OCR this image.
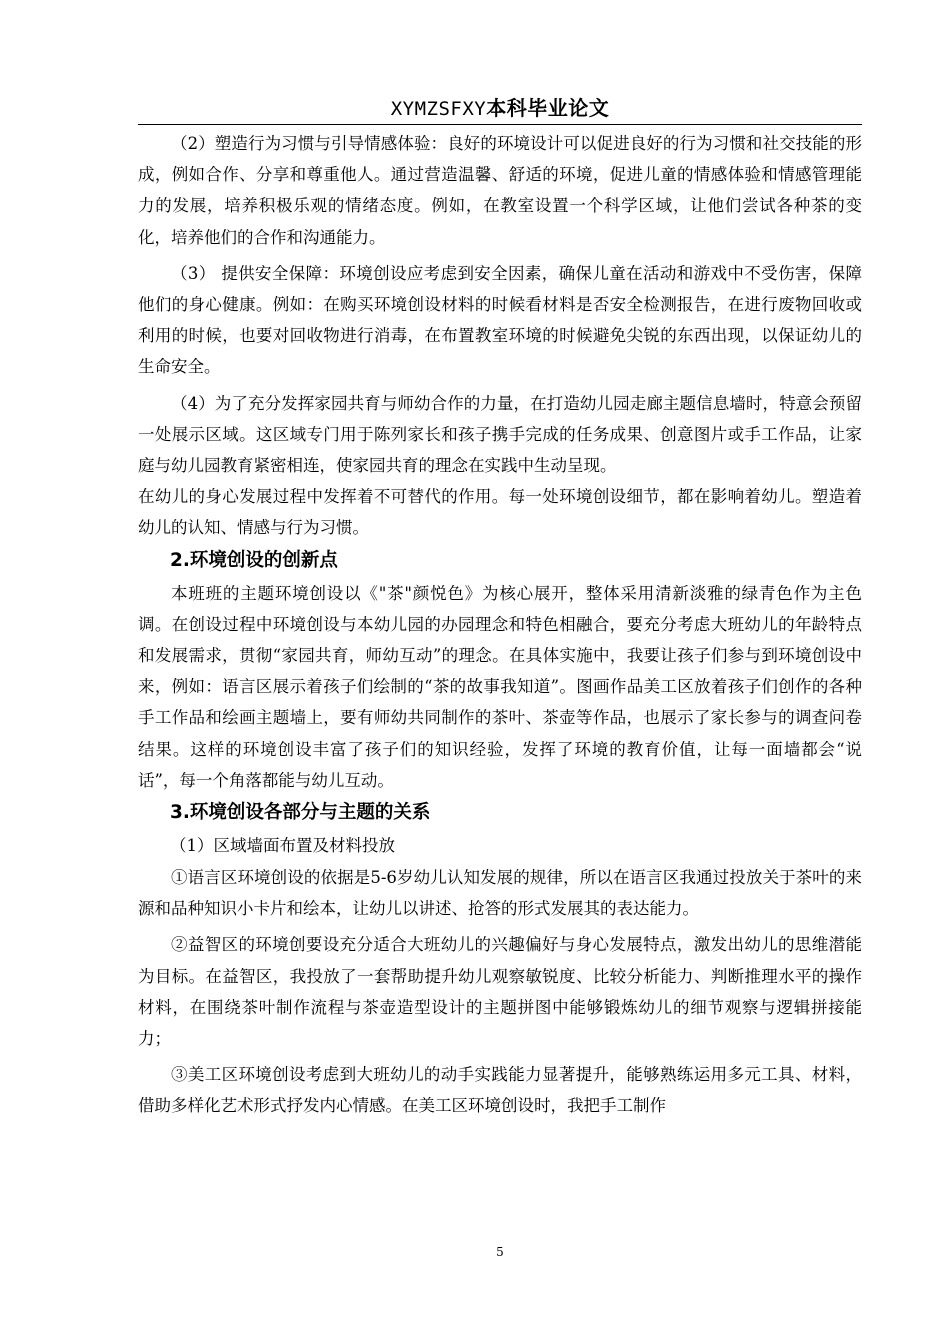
XYMZSFXY本科毕业论文

（2）塑造行为习惯与引导情感体验：良好的环境设计可以促进良好的行为习惯和社交技能的形成，例如合作、分享和尊重他人。通过营造温馨、舒适的环境，促进儿童的情感体验和情感管理能力的发展，培养积极乐观的情绪态度。例如，在教室设置一个科学区域，让他们尝试各种茶的变化，培养他们的合作和沟通能力。

（3） 提供安全保障：环境创设应考虑到安全因素，确保儿童在活动和游戏中不受伤害，保障他们的身心健康。例如：在购买环境创设材料的时候看材料是否安全检测报告，在进行废物回收或利用的时候，也要对回收物进行消毒，在布置教室环境的时候避免尖锐的东西出现，以保证幼儿的生命安全。

（4）为了充分发挥家园共育与师幼合作的力量，在打造幼儿园走廊主题信息墙时，特意会预留一处展示区域。这区域专门用于陈列家长和孩子携手完成的任务成果、创意图片或手工作品，让家庭与幼儿园教育紧密相连，使家园共育的理念在实践中生动呈现。

在幼儿的身心发展过程中发挥着不可替代的作用。每一处环境创设细节，都在影响着幼儿。塑造着幼儿的认知、情感与行为习惯。

2.环境创设的创新点

本班班的主题环境创设以《"茶"颜悦色》为核心展开，整体采用清新淡雅的绿青色作为主色调。在创设过程中环境创设与本幼儿园的办园理念和特色相融合，要充分考虑大班幼儿的年龄特点和发展需求，贯彻“家园共育，师幼互动”的理念。在具体实施中，我要让孩子们参与到环境创设中来，例如：语言区展示着孩子们绘制的“茶的故事我知道”。图画作品美工区放着孩子们创作的各种手工作品和绘画主题墙上，要有师幼共同制作的茶叶、茶壶等作品，也展示了家长参与的调查问卷结果。这样的环境创设丰富了孩子们的知识经验，发挥了环境的教育价值，让每一面墙都会“说话”，每一个角落都能与幼儿互动。

3.环境创设各部分与主题的关系

（1）区域墙面布置及材料投放

①语言区环境创设的依据是5-6岁幼儿认知发展的规律，所以在语言区我通过投放关于茶叶的来源和品种知识小卡片和绘本，让幼儿以讲述、抢答的形式发展其的表达能力。

②益智区的环境创要设充分适合大班幼儿的兴趣偏好与身心发展特点，激发出幼儿的思维潜能为目标。在益智区，我投放了一套帮助提升幼儿观察敏锐度、比较分析能力、判断推理水平的操作材料，在围绕茶叶制作流程与茶壶造型设计的主题拼图中能够锻炼幼儿的细节观察与逻辑拼接能力；

③美工区环境创设考虑到大班幼儿的动手实践能力显著提升，能够熟练运用多元工具、材料，借助多样化艺术形式抒发内心情感。在美工区环境创设时，我把手工制作

5
